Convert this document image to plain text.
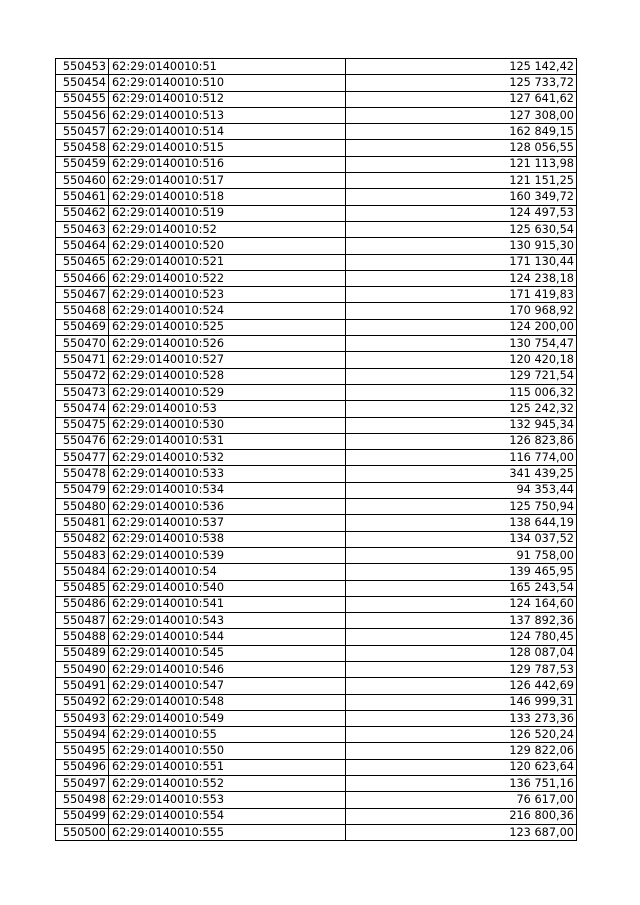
550453	62:29:0140010:51	125 142,42
550454	62:29:0140010:510	125 733,72
550455	62:29:0140010:512	127 641,62
550456	62:29:0140010:513	127 308,00
550457	62:29:0140010:514	162 849,15
550458	62:29:0140010:515	128 056,55
550459	62:29:0140010:516	121 113,98
550460	62:29:0140010:517	121 151,25
550461	62:29:0140010:518	160 349,72
550462	62:29:0140010:519	124 497,53
550463	62:29:0140010:52	125 630,54
550464	62:29:0140010:520	130 915,30
550465	62:29:0140010:521	171 130,44
550466	62:29:0140010:522	124 238,18
550467	62:29:0140010:523	171 419,83
550468	62:29:0140010:524	170 968,92
550469	62:29:0140010:525	124 200,00
550470	62:29:0140010:526	130 754,47
550471	62:29:0140010:527	120 420,18
550472	62:29:0140010:528	129 721,54
550473	62:29:0140010:529	115 006,32
550474	62:29:0140010:53	125 242,32
550475	62:29:0140010:530	132 945,34
550476	62:29:0140010:531	126 823,86
550477	62:29:0140010:532	116 774,00
550478	62:29:0140010:533	341 439,25
550479	62:29:0140010:534	94 353,44
550480	62:29:0140010:536	125 750,94
550481	62:29:0140010:537	138 644,19
550482	62:29:0140010:538	134 037,52
550483	62:29:0140010:539	91 758,00
550484	62:29:0140010:54	139 465,95
550485	62:29:0140010:540	165 243,54
550486	62:29:0140010:541	124 164,60
550487	62:29:0140010:543	137 892,36
550488	62:29:0140010:544	124 780,45
550489	62:29:0140010:545	128 087,04
550490	62:29:0140010:546	129 787,53
550491	62:29:0140010:547	126 442,69
550492	62:29:0140010:548	146 999,31
550493	62:29:0140010:549	133 273,36
550494	62:29:0140010:55	126 520,24
550495	62:29:0140010:550	129 822,06
550496	62:29:0140010:551	120 623,64
550497	62:29:0140010:552	136 751,16
550498	62:29:0140010:553	76 617,00
550499	62:29:0140010:554	216 800,36
550500	62:29:0140010:555	123 687,00
